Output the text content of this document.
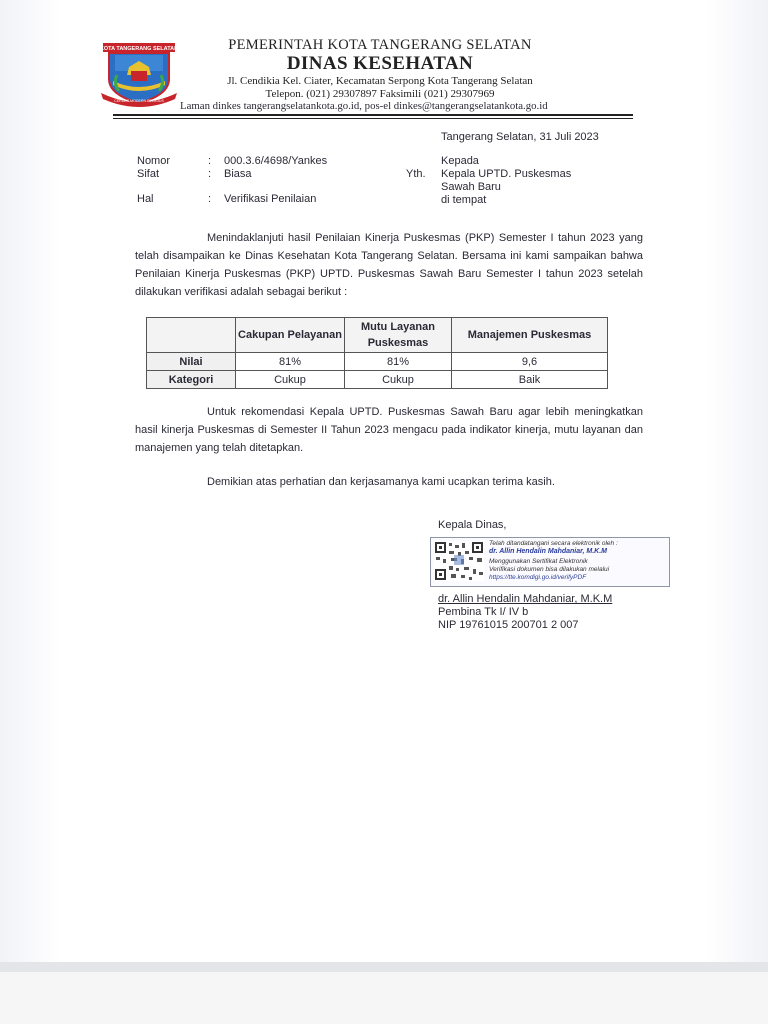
KOTA TANGERANG SELATAN
CERDAS MODERN RELIGIUS
PEMERINTAH KOTA TANGERANG SELATAN
DINAS KESEHATAN
Jl. Cendikia Kel. Ciater, Kecamatan Serpong Kota Tangerang Selatan
Telepon. (021) 29307897 Faksimili (021) 29307969
Laman dinkes tangerangselatankota.go.id, pos-el dinkes@tangerangselatankota.go.id
Tangerang Selatan, 31 Juli 2023
Nomor	: 000.3.6/4698/Yankes
Sifat	: Biasa
Hal	: Verifikasi Penilaian
Kepada
Yth. Kepala UPTD. Puskesmas
Sawah Baru
di tempat
Menindaklanjuti hasil Penilaian Kinerja Puskesmas (PKP) Semester I tahun 2023 yang telah disampaikan ke Dinas Kesehatan Kota Tangerang Selatan. Bersama ini kami sampaikan bahwa Penilaian Kinerja Puskesmas (PKP) UPTD. Puskesmas Sawah Baru Semester I tahun 2023 setelah dilakukan verifikasi adalah sebagai berikut :
	Cakupan Pelayanan	Mutu Layanan Puskesmas	Manajemen Puskesmas
Nilai	81%	81%	9,6
Kategori	Cukup	Cukup	Baik
Untuk rekomendasi Kepala UPTD. Puskesmas Sawah Baru agar lebih meningkatkan hasil kinerja Puskesmas di Semester II Tahun 2023 mengacu pada indikator kinerja, mutu layanan dan manajemen yang telah ditetapkan.
Demikian atas perhatian dan kerjasamanya kami ucapkan terima kasih.
Kepala Dinas,
Telah ditandatangani secara elektronik oleh :
dr. Allin Hendalin Mahdaniar, M.K.M
Menggunakan Sertifikat Elektronik
Verifikasi dokumen bisa dilakukan melalui
https://tte.komdigi.go.id/verifyPDF
dr. Allin Hendalin Mahdaniar, M.K.M
Pembina Tk I/ IV b
NIP 19761015 200701 2 007
